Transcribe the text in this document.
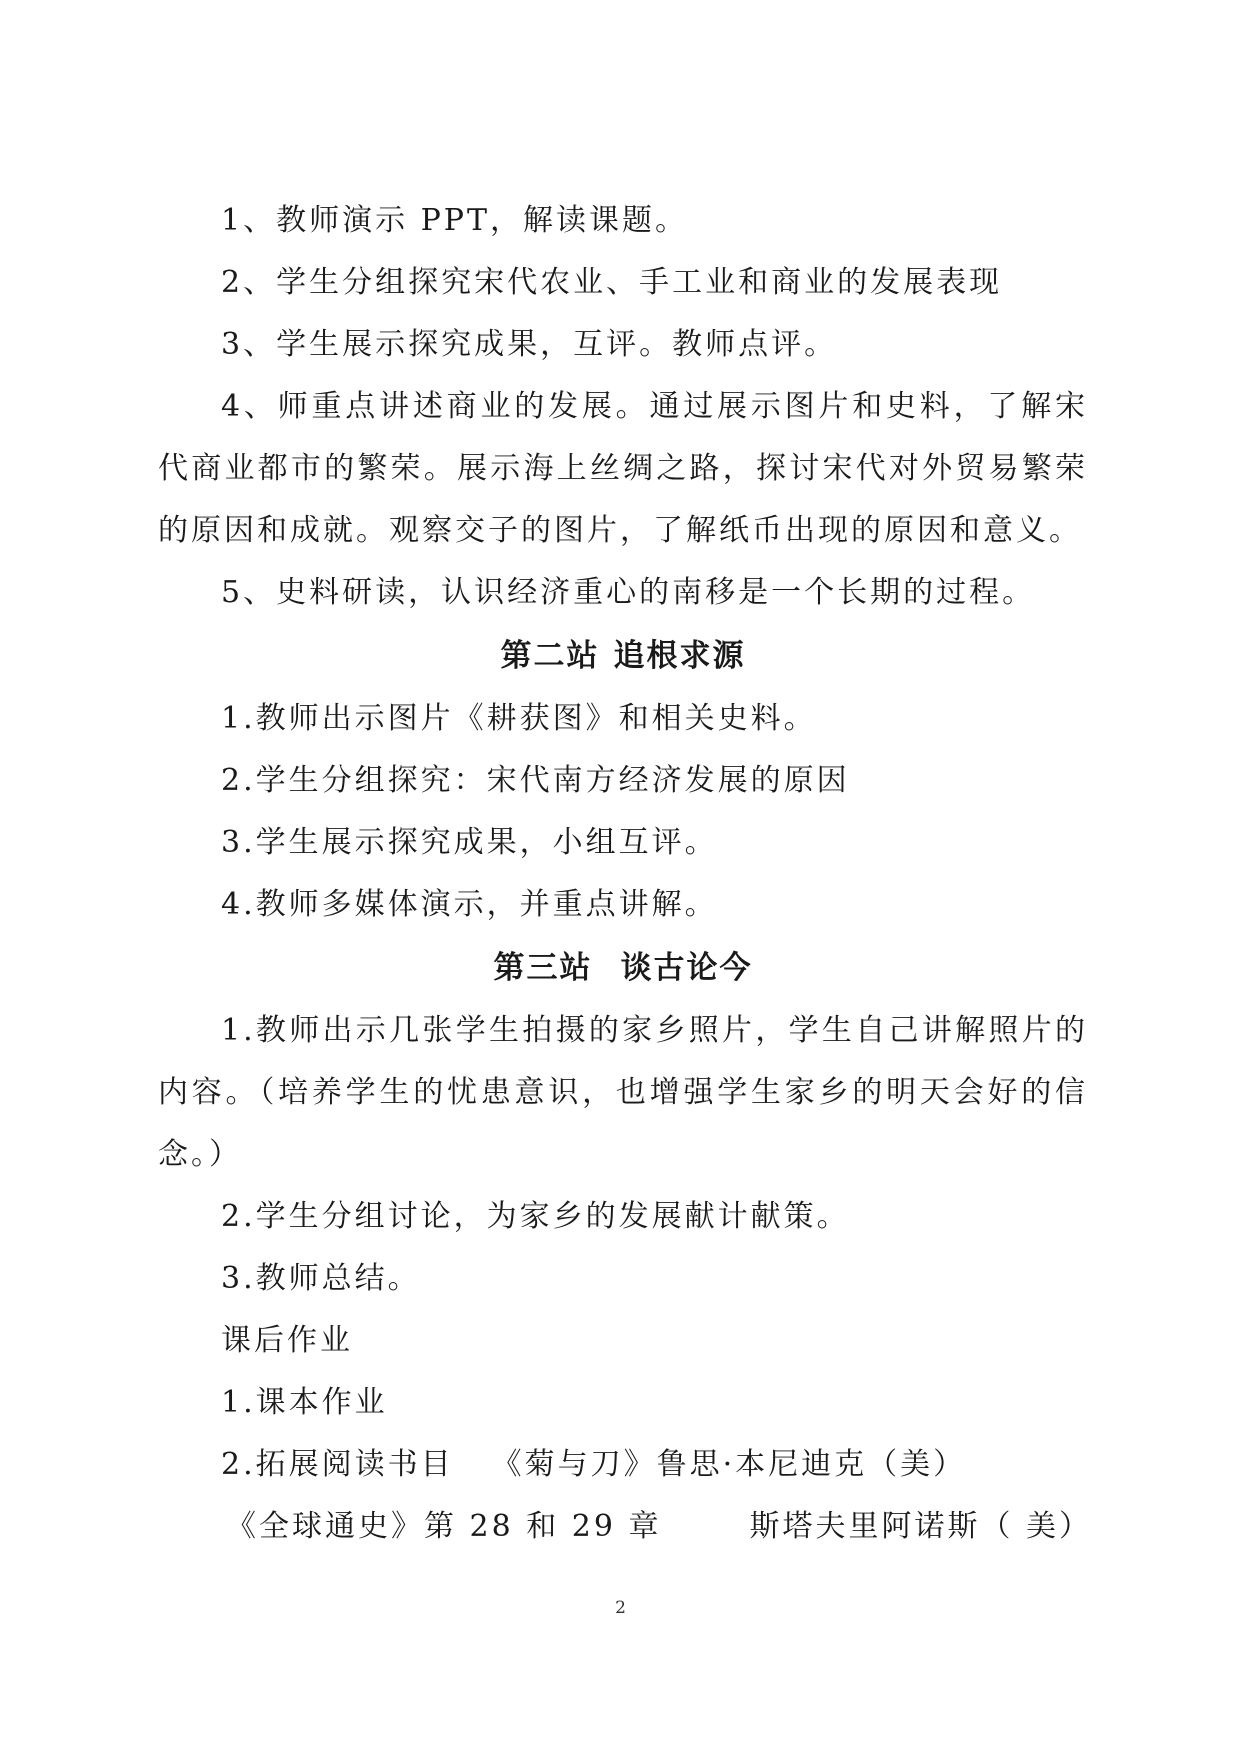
1、教师演示 PPT，解读课题。

2、学生分组探究宋代农业、手工业和商业的发展表现

3、学生展示探究成果，互评。教师点评。

4、师重点讲述商业的发展。通过展示图片和史料，了解宋代商业都市的繁荣。展示海上丝绸之路，探讨宋代对外贸易繁荣的原因和成就。观察交子的图片，了解纸币出现的原因和意义。

5、史料研读，认识经济重心的南移是一个长期的过程。

第二站 追根求源

1.教师出示图片《耕获图》和相关史料。

2.学生分组探究：宋代南方经济发展的原因

3.学生展示探究成果，小组互评。

4.教师多媒体演示，并重点讲解。

第三站 谈古论今

1.教师出示几张学生拍摄的家乡照片，学生自己讲解照片的内容。（培养学生的忧患意识，也增强学生家乡的明天会好的信念。）

2.学生分组讨论，为家乡的发展献计献策。

3.教师总结。

课后作业

1.课本作业

2.拓展阅读书目 《菊与刀》鲁思·本尼迪克（美）

《全球通史》第 28 和 29 章	斯塔夫里阿诺斯（ 美）

2
